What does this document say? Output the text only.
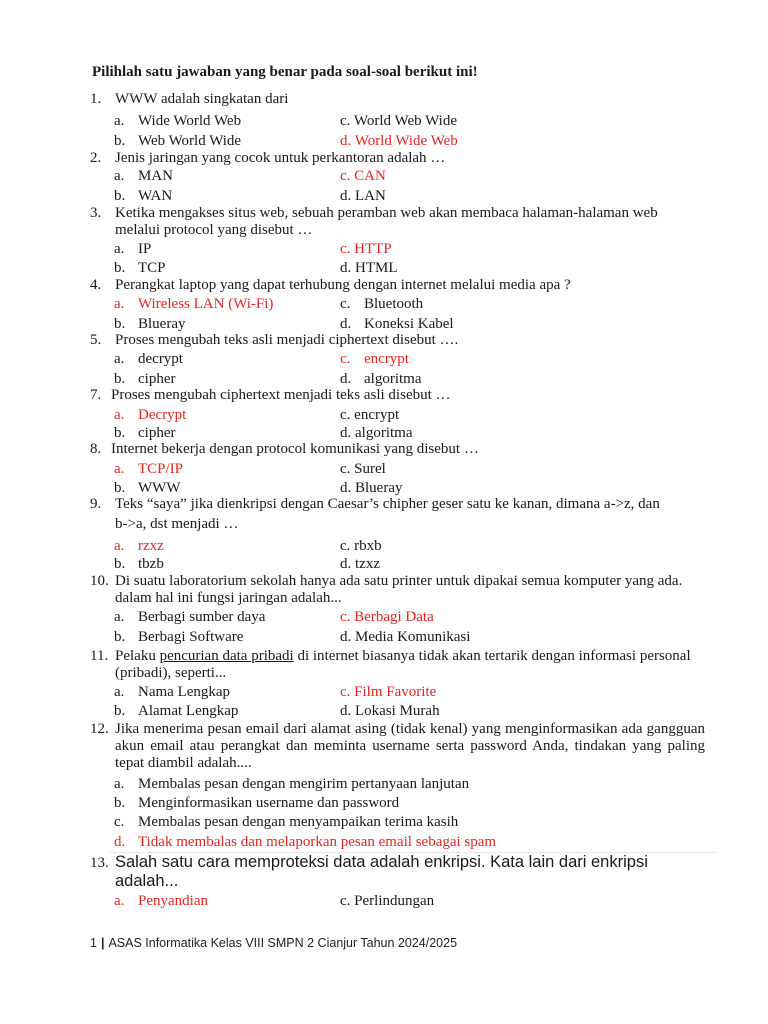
Pilihlah satu jawaban yang benar pada soal-soal berikut ini!
1. WWW adalah singkatan dari
a. Wide World Web
b. Web World Wide
c. World Web Wide
d. World Wide Web
2. Jenis jaringan yang cocok untuk perkantoran adalah …
a. MAN
b. WAN
c. CAN
d. LAN
3. Ketika mengakses situs web, sebuah peramban web akan membaca halaman-halaman web melalui protocol yang disebut …
a. IP
b. TCP
c. HTTP
d. HTML
4. Perangkat laptop yang dapat terhubung dengan internet melalui media apa ?
a. Wireless LAN (Wi-Fi)
b. Blueray
c. Bluetooth
d. Koneksi Kabel
5. Proses mengubah teks asli menjadi ciphertext disebut ….
a. decrypt
b. cipher
c. encrypt
d. algoritma
7. Proses mengubah ciphertext menjadi teks asli disebut …
a. Decrypt
b. cipher
c. encrypt
d. algoritma
8. Internet bekerja dengan protocol komunikasi yang disebut …
a. TCP/IP
b. WWW
c. Surel
d. Blueray
9. Teks “saya” jika dienkripsi dengan Caesar’s chipher geser satu ke kanan, dimana a->z, dan
b->a, dst menjadi …
a. rzxz
b. tbzb
c. rbxb
d. tzxz
10. Di suatu laboratorium sekolah hanya ada satu printer untuk dipakai semua komputer yang ada. dalam hal ini fungsi jaringan adalah...
a. Berbagi sumber daya
b. Berbagi Software
c. Berbagi Data
d. Media Komunikasi
11. Pelaku pencurian data pribadi di internet biasanya tidak akan tertarik dengan informasi personal (pribadi), seperti...
a. Nama Lengkap
b. Alamat Lengkap
c. Film Favorite
d. Lokasi Murah
12. Jika menerima pesan email dari alamat asing (tidak kenal) yang menginformasikan ada gangguan akun email atau perangkat dan meminta username serta password Anda, tindakan yang paling tepat diambil adalah....
a. Membalas pesan dengan mengirim pertanyaan lanjutan
b. Menginformasikan username dan password
c. Membalas pesan dengan menyampaikan terima kasih
d. Tidak membalas dan melaporkan pesan email sebagai spam
13. Salah satu cara memproteksi data adalah enkripsi. Kata lain dari enkripsi adalah...
a. Penyandian	c. Perlindungan
1 | ASAS Informatika Kelas VIII SMPN 2 Cianjur Tahun 2024/2025
